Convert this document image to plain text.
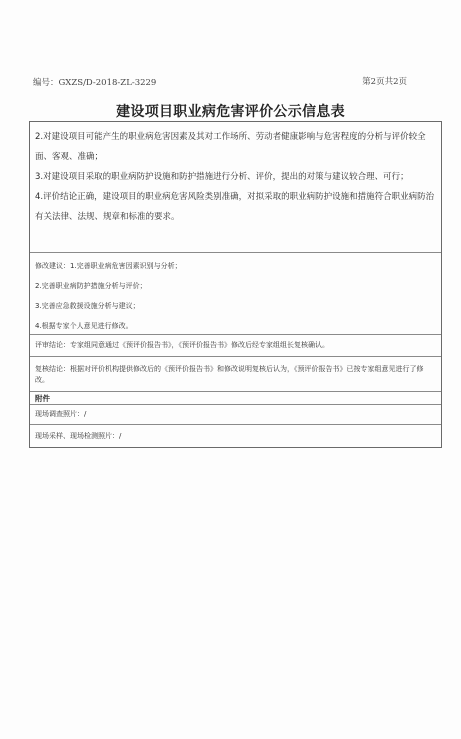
编号：GXZS/D-2018-ZL-3229	第2页共2页
建设项目职业病危害评价公示信息表

2.对建设项目可能产生的职业病危害因素及其对工作场所、劳动者健康影响与危害程度的分析与评价较全面、客观、准确；

3.对建设项目采取的职业病防护设施和防护措施进行分析、评价，提出的对策与建议较合理、可行；

4.评价结论正确，建设项目的职业病危害风险类别准确，对拟采取的职业病防护设施和措施符合职业病防治有关法律、法规、规章和标准的要求。

修改建议：1.完善职业病危害因素识别与分析；

2.完善职业病防护措施分析与评价；

3.完善应急救援设施分析与建议；

4.根据专家个人意见进行修改。

评审结论：专家组同意通过《预评价报告书》，《预评价报告书》修改后经专家组组长复核确认。
复核结论：根据对评价机构提供修改后的《预评价报告书》和修改说明复核后认为，《预评价报告书》已按专家组意见进行了修改。
附件
现场调查照片：/
现场采样、现场检测照片：/
